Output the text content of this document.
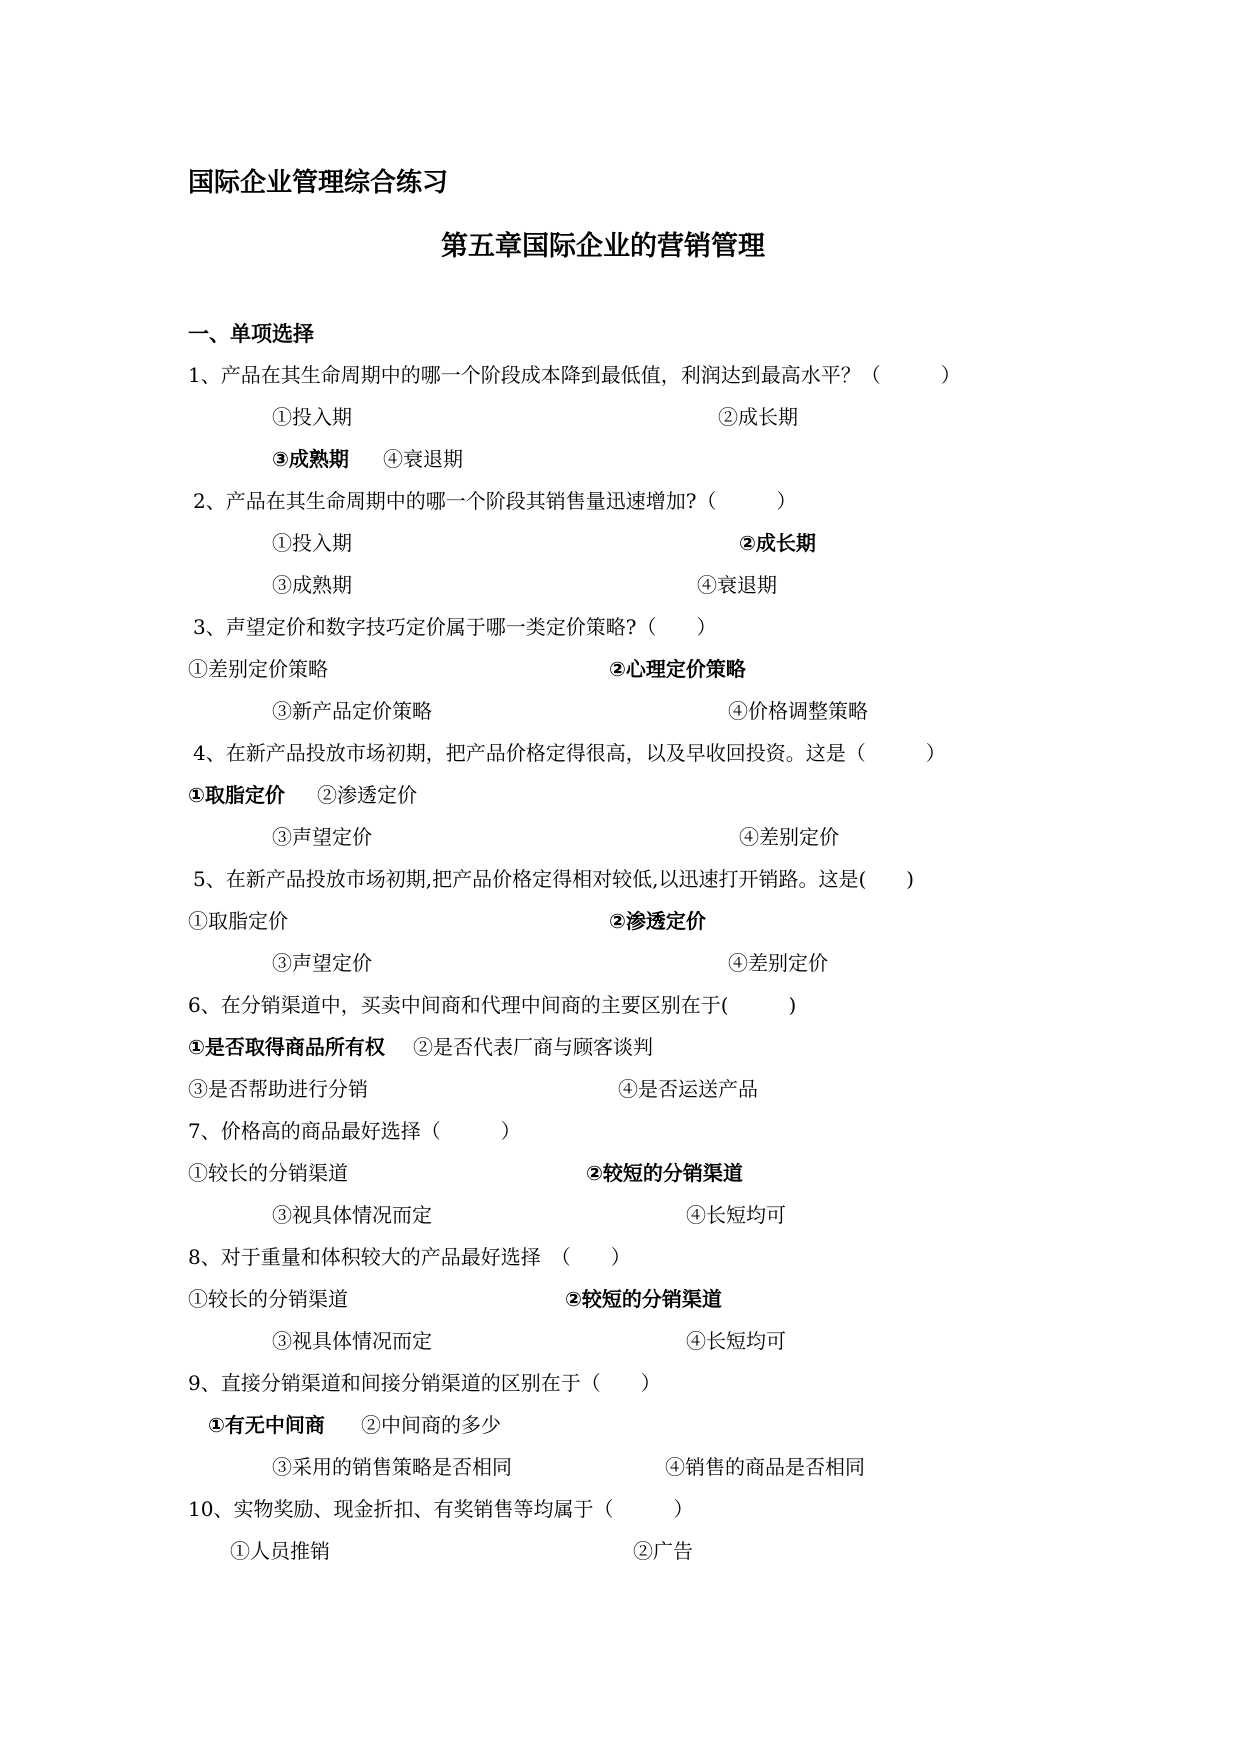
国际企业管理综合练习
第五章国际企业的营销管理
一、单项选择
1、产品在其生命周期中的哪一个阶段成本降到最低值，利润达到最高水平？（　　　）
①投入期	②成长期
③成熟期 ④衰退期
2、产品在其生命周期中的哪一个阶段其销售量迅速增加?（　　　）
①投入期	②成长期
③成熟期	④衰退期
3、声望定价和数字技巧定价属于哪一类定价策略?（　　）
①差别定价策略	②心理定价策略
③新产品定价策略	④价格调整策略
4、在新产品投放市场初期，把产品价格定得很高，以及早收回投资。这是（　　　）
①取脂定价 ②渗透定价
③声望定价	④差别定价
5、在新产品投放市场初期,把产品价格定得相对较低,以迅速打开销路。这是(　　)
①取脂定价	②渗透定价
③声望定价	④差别定价
6、在分销渠道中，买卖中间商和代理中间商的主要区别在于(　　　)
①是否取得商品所有权 ②是否代表厂商与顾客谈判
③是否帮助进行分销	④是否运送产品
7、价格高的商品最好选择（　　　）
①较长的分销渠道	②较短的分销渠道
③视具体情况而定	④长短均可
8、对于重量和体积较大的产品最好选择　（　　）
①较长的分销渠道	②较短的分销渠道
③视具体情况而定	④长短均可
9、直接分销渠道和间接分销渠道的区别在于（　　）
①有无中间商 ②中间商的多少
③采用的销售策略是否相同	④销售的商品是否相同
10、实物奖励、现金折扣、有奖销售等均属于（　　　）
①人员推销	②广告
